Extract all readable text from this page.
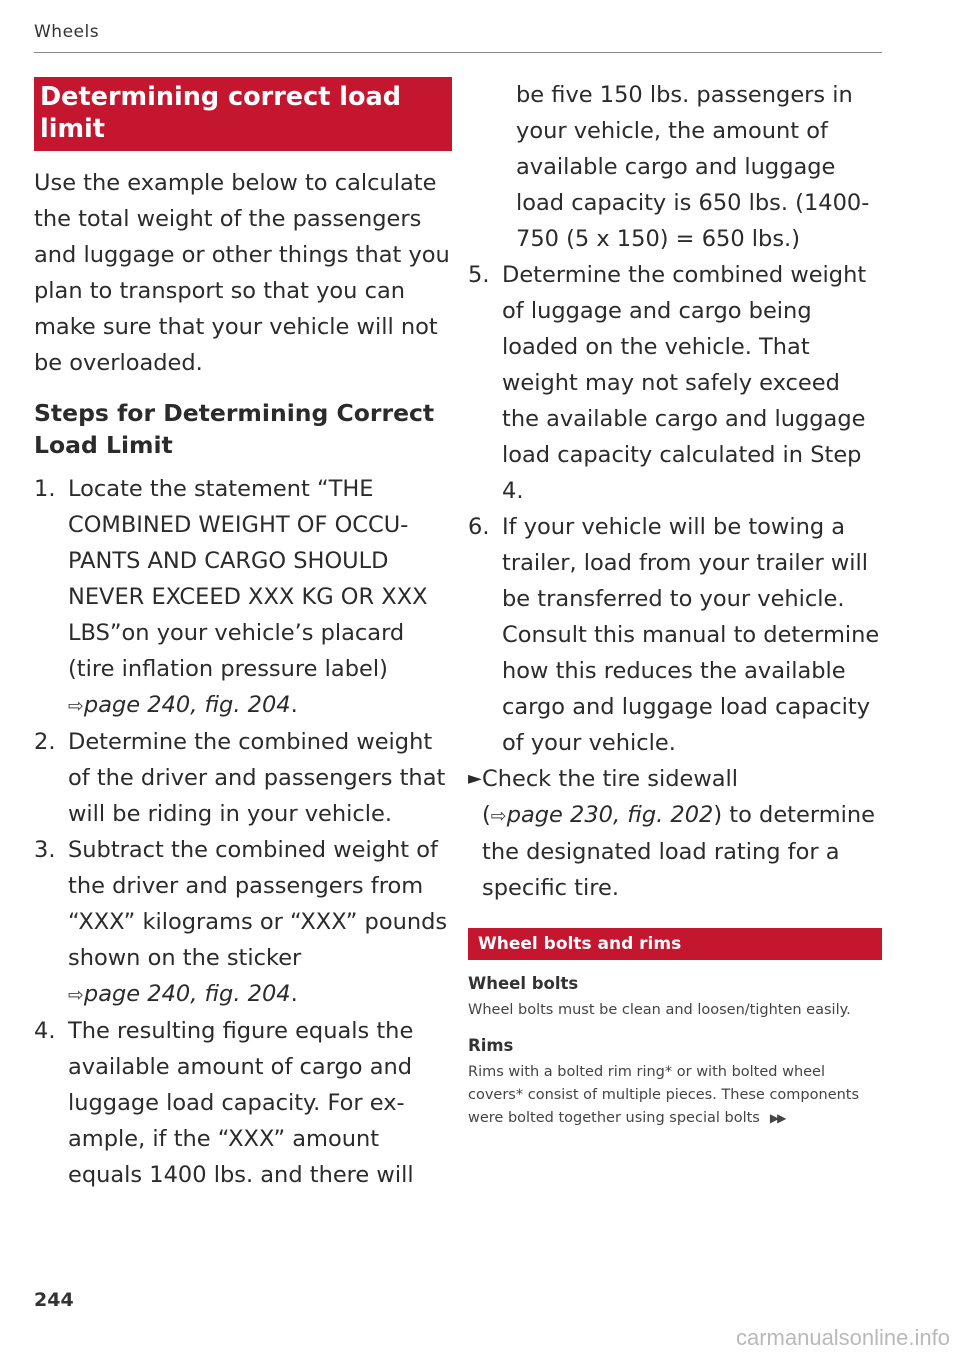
Wheels
Determining correct load limit

Use the example below to calculate the total weight of the passengers and luggage or other things that you plan to transport so that you can make sure that your vehicle will not be overloaded.

Steps for Determining Correct Load Limit
1. Locate the statement “THE COMBINED WEIGHT OF OCCUPANTS AND CARGO SHOULD NEVER EXCEED XXX KG OR XXX LBS”on your vehicle’s placard (tire inflation pressure label)
⇨page 240, fig. 204.
2. Determine the combined weight of the driver and passengers that will be riding in your vehicle.
3. Subtract the combined weight of the driver and passengers from “XXX” kilograms or “XXX” pounds shown on the sticker
⇨page 240, fig. 204.
4. The resulting figure equals the available amount of cargo and luggage load capacity. For example, if the “XXX” amount equals 1400 lbs. and there will

be five 150 lbs. passengers in your vehicle, the amount of available cargo and luggage load capacity is 650 lbs. (1400-750 (5 x 150) = 650 lbs.)

5. Determine the combined weight of luggage and cargo being loaded on the vehicle. That weight may not safely exceed the available cargo and luggage load capacity calculated in Step 4.
6. If your vehicle will be towing a trailer, load from your trailer will be transferred to your vehicle. Consult this manual to determine how this reduces the available cargo and luggage load capacity of your vehicle.
► Check the tire sidewall
(⇨page 230, fig. 202) to determine the designated load rating for a specific tire.
Wheel bolts and rims
Wheel bolts

Wheel bolts must be clean and loosen/tighten easily.

Rims

Rims with a bolted rim ring* or with bolted wheel covers* consist of multiple pieces. These components were bolted together using special bolts ▶▶

244
carmanualsonline.info
